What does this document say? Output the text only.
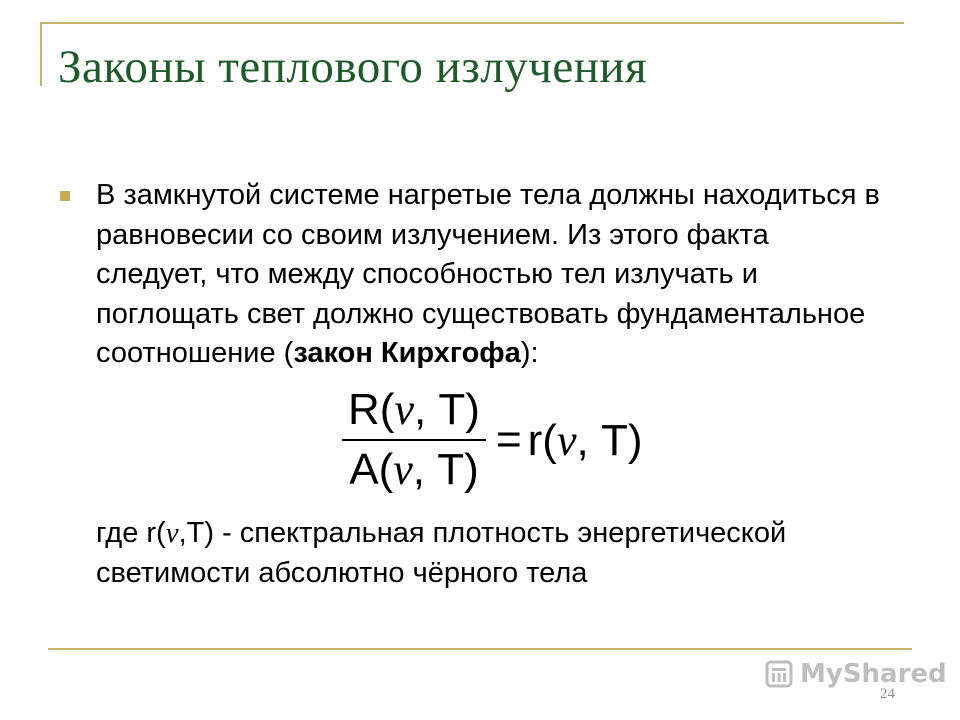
Законы теплового излучения

В замкнутой системе нагретые тела должны находиться в равновесии со своим излучением. Из этого факта следует, что между способностью тел излучать и поглощать свет должно существовать фундаментальное соотношение (закон Кирхгофа):

$\frac{R(\nu, T)}{A(\nu, T)} = r(\nu$, T)

где r(ν,T) - спектральная плотность энергетической светимости абсолютно чёрного тела

MyShared
24
